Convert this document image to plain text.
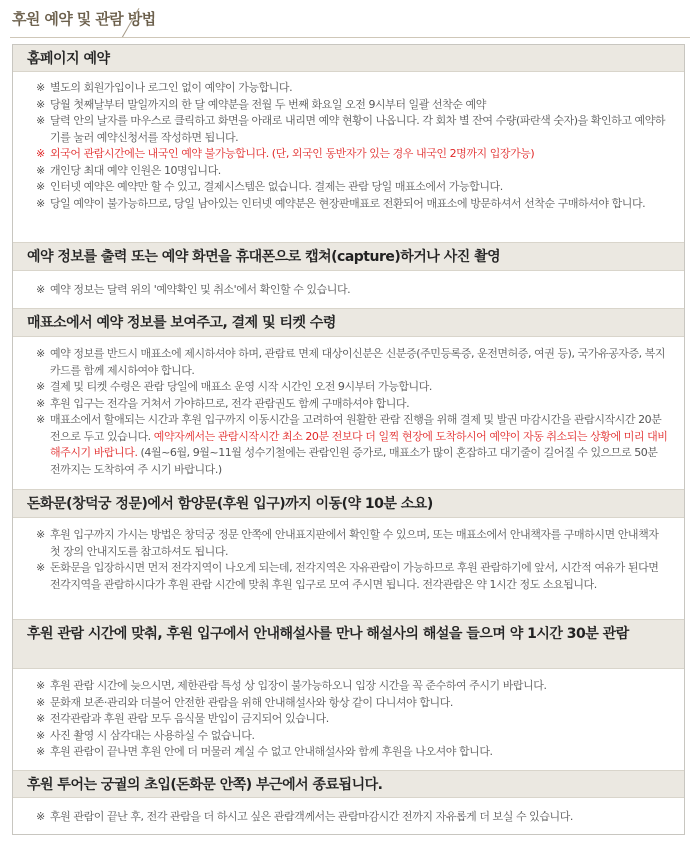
후원 예약 및 관람 방법
홈페이지 예약
※ 별도의 회원가입이나 로그인 없이 예약이 가능합니다.
※ 당월 첫째날부터 말일까지의 한 달 예약분을 전월 두 번째 화요일 오전 9시부터 일괄 선착순 예약
※ 달력 안의 날자를 마우스로 클릭하고 화면을 아래로 내리면 예약 현황이 나옵니다. 각 회차 별 잔여 수량(파란색 숫자)을 확인하고 예약하기를 눌러 예약신청서를 작성하면 됩니다.
※ 외국어 관람시간에는 내국인 예약 불가능합니다. (단, 외국인 동반자가 있는 경우 내국인 2명까지 입장가능)
※ 개인당 최대 예약 인원은 10명입니다.
※ 인터넷 예약은 예약만 할 수 있고, 결제시스템은 없습니다. 결제는 관람 당일 매표소에서 가능합니다.
※ 당일 예약이 불가능하므로, 당일 남아있는 인터넷 예약분은 현장판매표로 전환되어 매표소에 방문하셔서 선착순 구매하셔야 합니다.
예약 정보를 출력 또는 예약 화면을 휴대폰으로 캡쳐(capture)하거나 사진 촬영
※ 예약 정보는 달력 위의 '예약확인 및 취소'에서 확인할 수 있습니다.
매표소에서 예약 정보를 보여주고, 결제 및 티켓 수령
※ 예약 정보를 반드시 매표소에 제시하셔야 하며, 관람료 면제 대상이신분은 신분증(주민등록증, 운전면허증, 여권 등), 국가유공자증, 복지카드를 함께 제시하여야 합니다.
※ 결제 및 티켓 수령은 관람 당일에 매표소 운영 시작 시간인 오전 9시부터 가능합니다.
※ 후원 입구는 전각을 거쳐서 가야하므로, 전각 관람권도 함께 구매하셔야 합니다.
※ 매표소에서 할애되는 시간과 후원 입구까지 이동시간을 고려하여 원활한 관람 진행을 위해 결제 및 발권 마감시간을 관람시작시간 20분 전으로 두고 있습니다. 예약자께서는 관람시작시간 최소 20분 전보다 더 일찍 현장에 도착하시어 예약이 자동 취소되는 상황에 미리 대비해주시기 바랍니다. (4월~6월, 9월~11월 성수기철에는 관람인원 증가로, 매표소가 많이 혼잡하고 대기줄이 길어질 수 있으므로 50분 전까지는 도착하여 주 시기 바랍니다.)
돈화문(창덕궁 정문)에서 함양문(후원 입구)까지 이동(약 10분 소요)
※ 후원 입구까지 가시는 방법은 창덕궁 정문 안쪽에 안내표지판에서 확인할 수 있으며, 또는 매표소에서 안내책자를 구매하시면 안내책자 첫 장의 안내지도를 참고하셔도 됩니다.
※ 돈화문을 입장하시면 먼저 전각지역이 나오게 되는데, 전각지역은 자유관람이 가능하므로 후원 관람하기에 앞서, 시간적 여유가 된다면 전각지역을 관람하시다가 후원 관람 시간에 맞춰 후원 입구로 모여 주시면 됩니다. 전각관람은 약 1시간 정도 소요됩니다.
후원 관람 시간에 맞춰, 후원 입구에서 안내해설사를 만나 해설사의 해설을 들으며 약 1시간 30분 관람
※ 후원 관람 시간에 늦으시면, 제한관람 특성 상 입장이 불가능하오니 입장 시간을 꼭 준수하여 주시기 바랍니다.
※ 문화재 보존·관리와 더불어 안전한 관람을 위해 안내해설사와 항상 같이 다니셔야 합니다.
※ 전각관람과 후원 관람 모두 음식물 반입이 금지되어 있습니다.
※ 사진 촬영 시 삼각대는 사용하실 수 없습니다.
※ 후원 관람이 끝나면 후원 안에 더 머물러 계실 수 없고 안내해설사와 함께 후원을 나오셔야 합니다.
후원 투어는 궁궐의 초입(돈화문 안쪽) 부근에서 종료됩니다.
※ 후원 관람이 끝난 후, 전각 관람을 더 하시고 싶은 관람객께서는 관람마감시간 전까지 자유롭게 더 보실 수 있습니다.
